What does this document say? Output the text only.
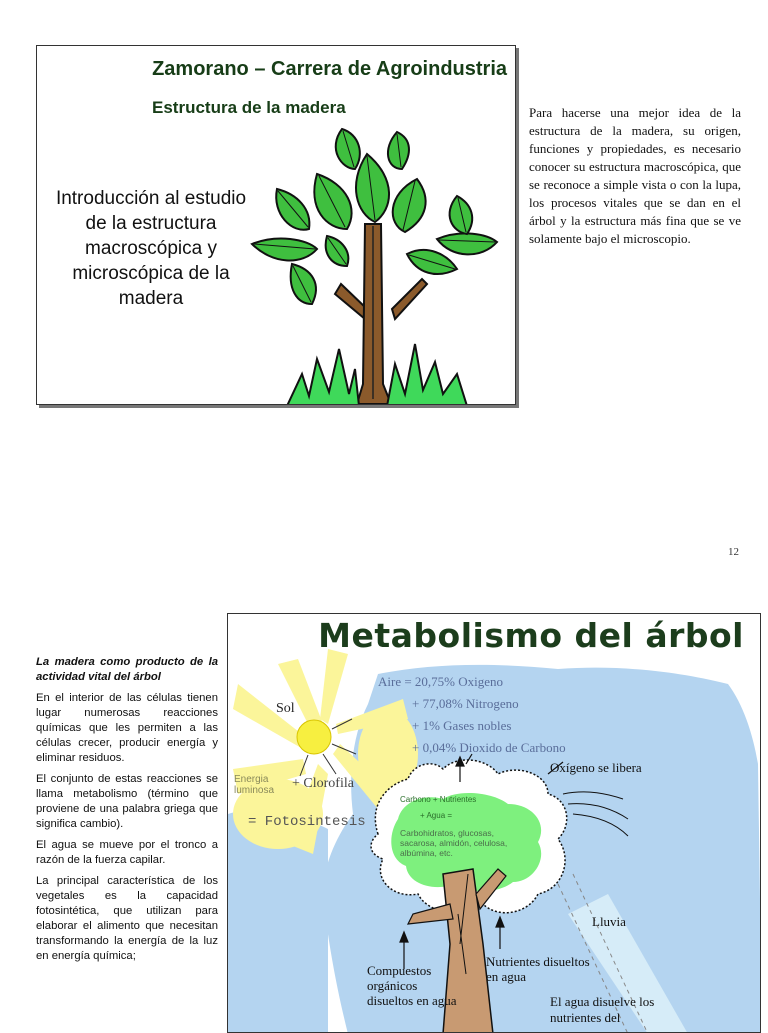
Zamorano – Carrera de Agroindustria
Estructura de la madera
Introducción al estudio de la estructura macroscópica y microscópica de la madera
Para hacerse una mejor idea de la estructura de la madera, su origen, funciones y propiedades, es necesario conocer su estructura macroscópica, que se reconoce a simple vista o con la lupa, los procesos vitales que se dan en el árbol y la estructura más fina que se ve solamente bajo el microscopio.
12

La madera como producto de la actividad vital del árbol

En el interior de las células tienen lugar numerosas reacciones químicas que les permiten a las células crecer, producir energía y eliminar residuos.

El conjunto de estas reacciones se llama metabolismo (término que proviene de una palabra griega que significa cambio).

El agua se mueve por el tronco a razón de la fuerza capilar.

La principal característica de los vegetales es la capacidad fotosintética, que utilizan para elaborar el alimento que necesitan transformando la energía de la luz en energía química;

Metabolismo del árbol
Sol
Energia luminosa	+ Clorofila
= Fotosintesis
Aire = 20,75% Oxigeno
+ 77,08% Nitrogeno
+ 1% Gases nobles
+ 0,04% Dioxido de Carbono
Oxígeno se libera
Carbono + Nutrientes
+ Agua =
Carbohidratos, glucosas, sacarosa, almidón, celulosa, albúmina, etc.
Lluvia
Nutrientes disueltos en agua
Compuestos orgánicos disueltos en agua	El agua disuelve los nutrientes del
